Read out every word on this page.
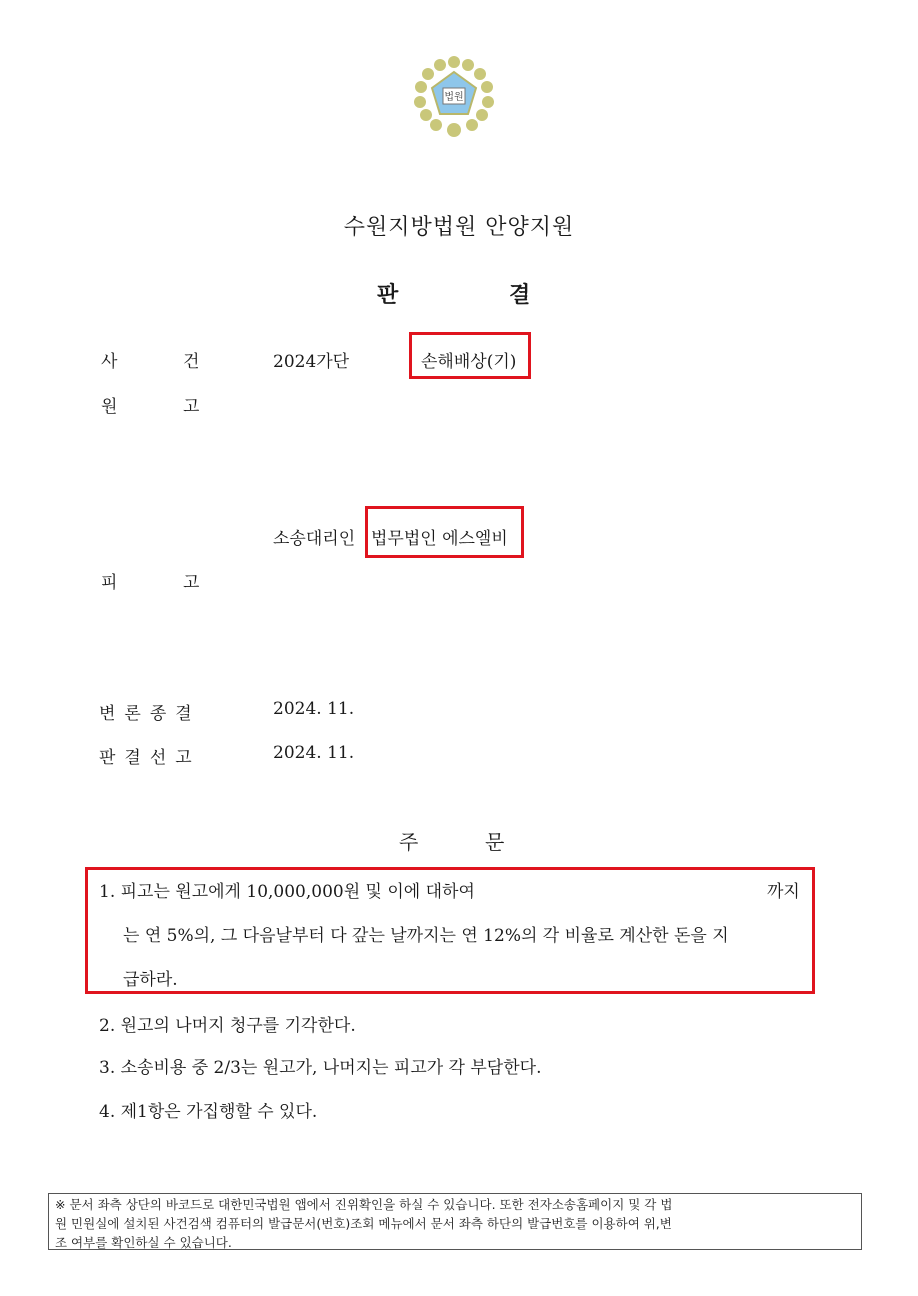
법원
수원지방법원 안양지원
판	결
사	건	2024가단	손해배상(기)
원	고
소송대리인 법무법인 에스엘비
피	고
변론종결	2024. 11.
판결선고	2024. 11.
주	문
1. 피고는 원고에게 10,000,000원 및 이에 대하여	까지
는 연 5%의, 그 다음날부터 다 갚는 날까지는 연 12%의 각 비율로 계산한 돈을 지
급하라.
2. 원고의 나머지 청구를 기각한다.
3. 소송비용 중 2/3는 원고가, 나머지는 피고가 각 부담한다.
4. 제1항은 가집행할 수 있다.
※ 문서 좌측 상단의 바코드로 대한민국법원 앱에서 진위확인을 하실 수 있습니다. 또한 전자소송홈페이지 및 각 법
원 민원실에 설치된 사건검색 컴퓨터의 발급문서(번호)조회 메뉴에서 문서 좌측 하단의 발급번호를 이용하여 위,변
조 여부를 확인하실 수 있습니다.
